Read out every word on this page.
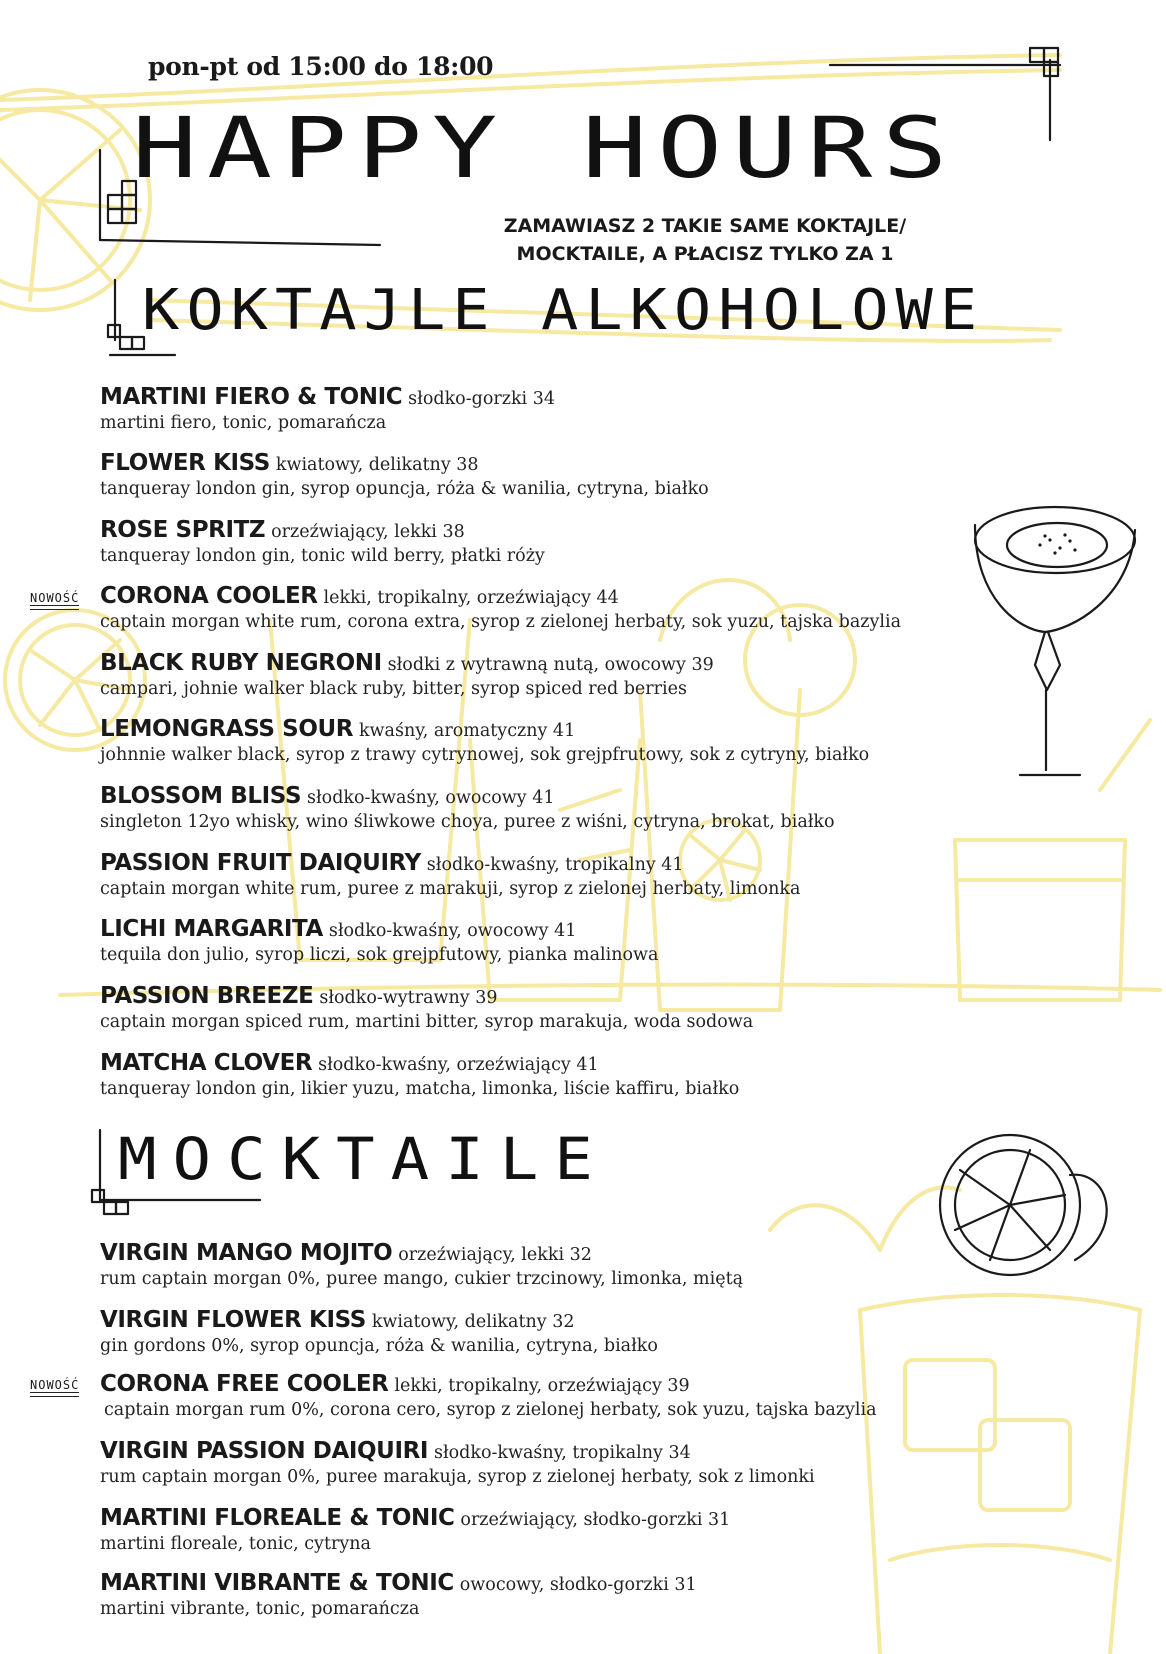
pon-pt od 15:00 do 18:00
HAPPY HOURS
ZAMAWIASZ 2 TAKIE SAME KOKTAJLE/
MOCKTAILE, A PŁACISZ TYLKO ZA 1
KOKTAJLE ALKOHOLOWE
MOCKTAILE
MARTINI FIERO & TONIC słodko-gorzki 34
martini fiero, tonic, pomarańcza
FLOWER KISS kwiatowy, delikatny 38
tanqueray london gin, syrop opuncja, róża & wanilia, cytryna, białko
ROSE SPRITZ orzeźwiający, lekki 38
tanqueray london gin, tonic wild berry, płatki róży
NOWOŚĆ CORONA COOLER lekki, tropikalny, orzeźwiający 44
captain morgan white rum, corona extra, syrop z zielonej herbaty, sok yuzu, tajska bazylia
BLACK RUBY NEGRONI słodki z wytrawną nutą, owocowy 39
campari, johnie walker black ruby, bitter, syrop spiced red berries
LEMONGRASS SOUR kwaśny, aromatyczny 41
johnnie walker black, syrop z trawy cytrynowej, sok grejpfrutowy, sok z cytryny, białko
BLOSSOM BLISS słodko-kwaśny, owocowy 41
singleton 12yo whisky, wino śliwkowe choya, puree z wiśni, cytryna, brokat, białko
PASSION FRUIT DAIQUIRY słodko-kwaśny, tropikalny 41
captain morgan white rum, puree z marakuji, syrop z zielonej herbaty, limonka
LICHI MARGARITA słodko-kwaśny, owocowy 41
tequila don julio, syrop liczi, sok grejpfutowy, pianka malinowa
PASSION BREEZE słodko-wytrawny 39
captain morgan spiced rum, martini bitter, syrop marakuja, woda sodowa
MATCHA CLOVER słodko-kwaśny, orzeźwiający 41
tanqueray london gin, likier yuzu, matcha, limonka, liście kaffiru, białko
VIRGIN MANGO MOJITO orzeźwiający, lekki 32
rum captain morgan 0%, puree mango, cukier trzcinowy, limonka, miętą
VIRGIN FLOWER KISS kwiatowy, delikatny 32
gin gordons 0%, syrop opuncja, róża & wanilia, cytryna, białko
NOWOŚĆ CORONA FREE COOLER lekki, tropikalny, orzeźwiający 39
captain morgan rum 0%, corona cero, syrop z zielonej herbaty, sok yuzu, tajska bazylia
VIRGIN PASSION DAIQUIRI słodko-kwaśny, tropikalny 34
rum captain morgan 0%, puree marakuja, syrop z zielonej herbaty, sok z limonki
MARTINI FLOREALE & TONIC orzeźwiający, słodko-gorzki 31
martini floreale, tonic, cytryna
MARTINI VIBRANTE & TONIC owocowy, słodko-gorzki 31
martini vibrante, tonic, pomarańcza
